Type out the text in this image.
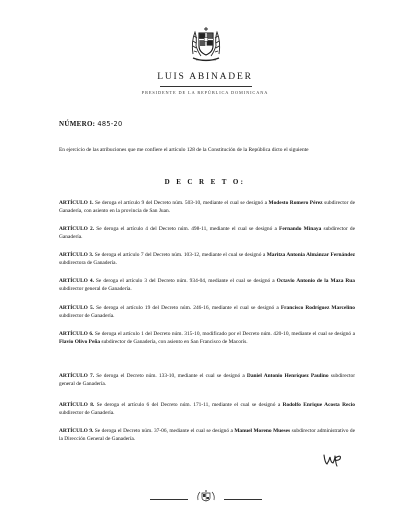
LUIS ABINADER
PRESIDENTE DE LA REPÚBLICA DOMINICANA
NÚMERO: 485-20
En ejercicio de las atribuciones que me confiere el artículo 128 de la Constitución de la República dicto el siguiente
D E C R E T O:
ARTÍCULO 1. Se deroga el artículo 9 del Decreto núm. 503-10, mediante el cual se designó a Modesto Romero Pérez subdirector de Ganadería, con asiento en la provincia de San Juan.
ARTÍCULO 2. Se deroga el artículo 4 del Decreto núm. 498-11, mediante el cual se designó a Fernando Minaya subdirector de Ganadería.
ARTÍCULO 3. Se deroga el artículo 7 del Decreto núm. 103-12, mediante el cual se designó a Maritza Antonia Almánzar Fernández subdirectora de Ganadería.
ARTÍCULO 4. Se deroga el artículo 3 del Decreto núm. 934-04, mediante el cual se designó a Octavio Antonio de la Maza Rua subdirector general de Ganadería.
ARTÍCULO 5. Se deroga el artículo 19 del Decreto núm. 246-16, mediante el cual se designó a Francisco Rodríguez Marcelino subdirector de Ganadería.
ARTÍCULO 6. Se deroga el artículo 1 del Decreto núm. 315-10, modificado por el Decreto núm. 420-10, mediante el cual se designó a Flavio Olivo Peña subdirector de Ganadería, con asiento en San Francisco de Macorís.
ARTÍCULO 7. Se deroga el Decreto núm. 133-10, mediante el cual se designó a Daniel Antonio Henríquez Paulino subdirector general de Ganadería.
ARTÍCULO 8. Se deroga el artículo 6 del Decreto núm. 171-11, mediante el cual se designó a Rodolfo Enrique Acosta Recio subdirector de Ganadería.
ARTÍCULO 9. Se deroga el Decreto núm. 37-06, mediante el cual se designó a Manuel Moreno Mueses subdirector administrativo de la Dirección General de Ganadería.
